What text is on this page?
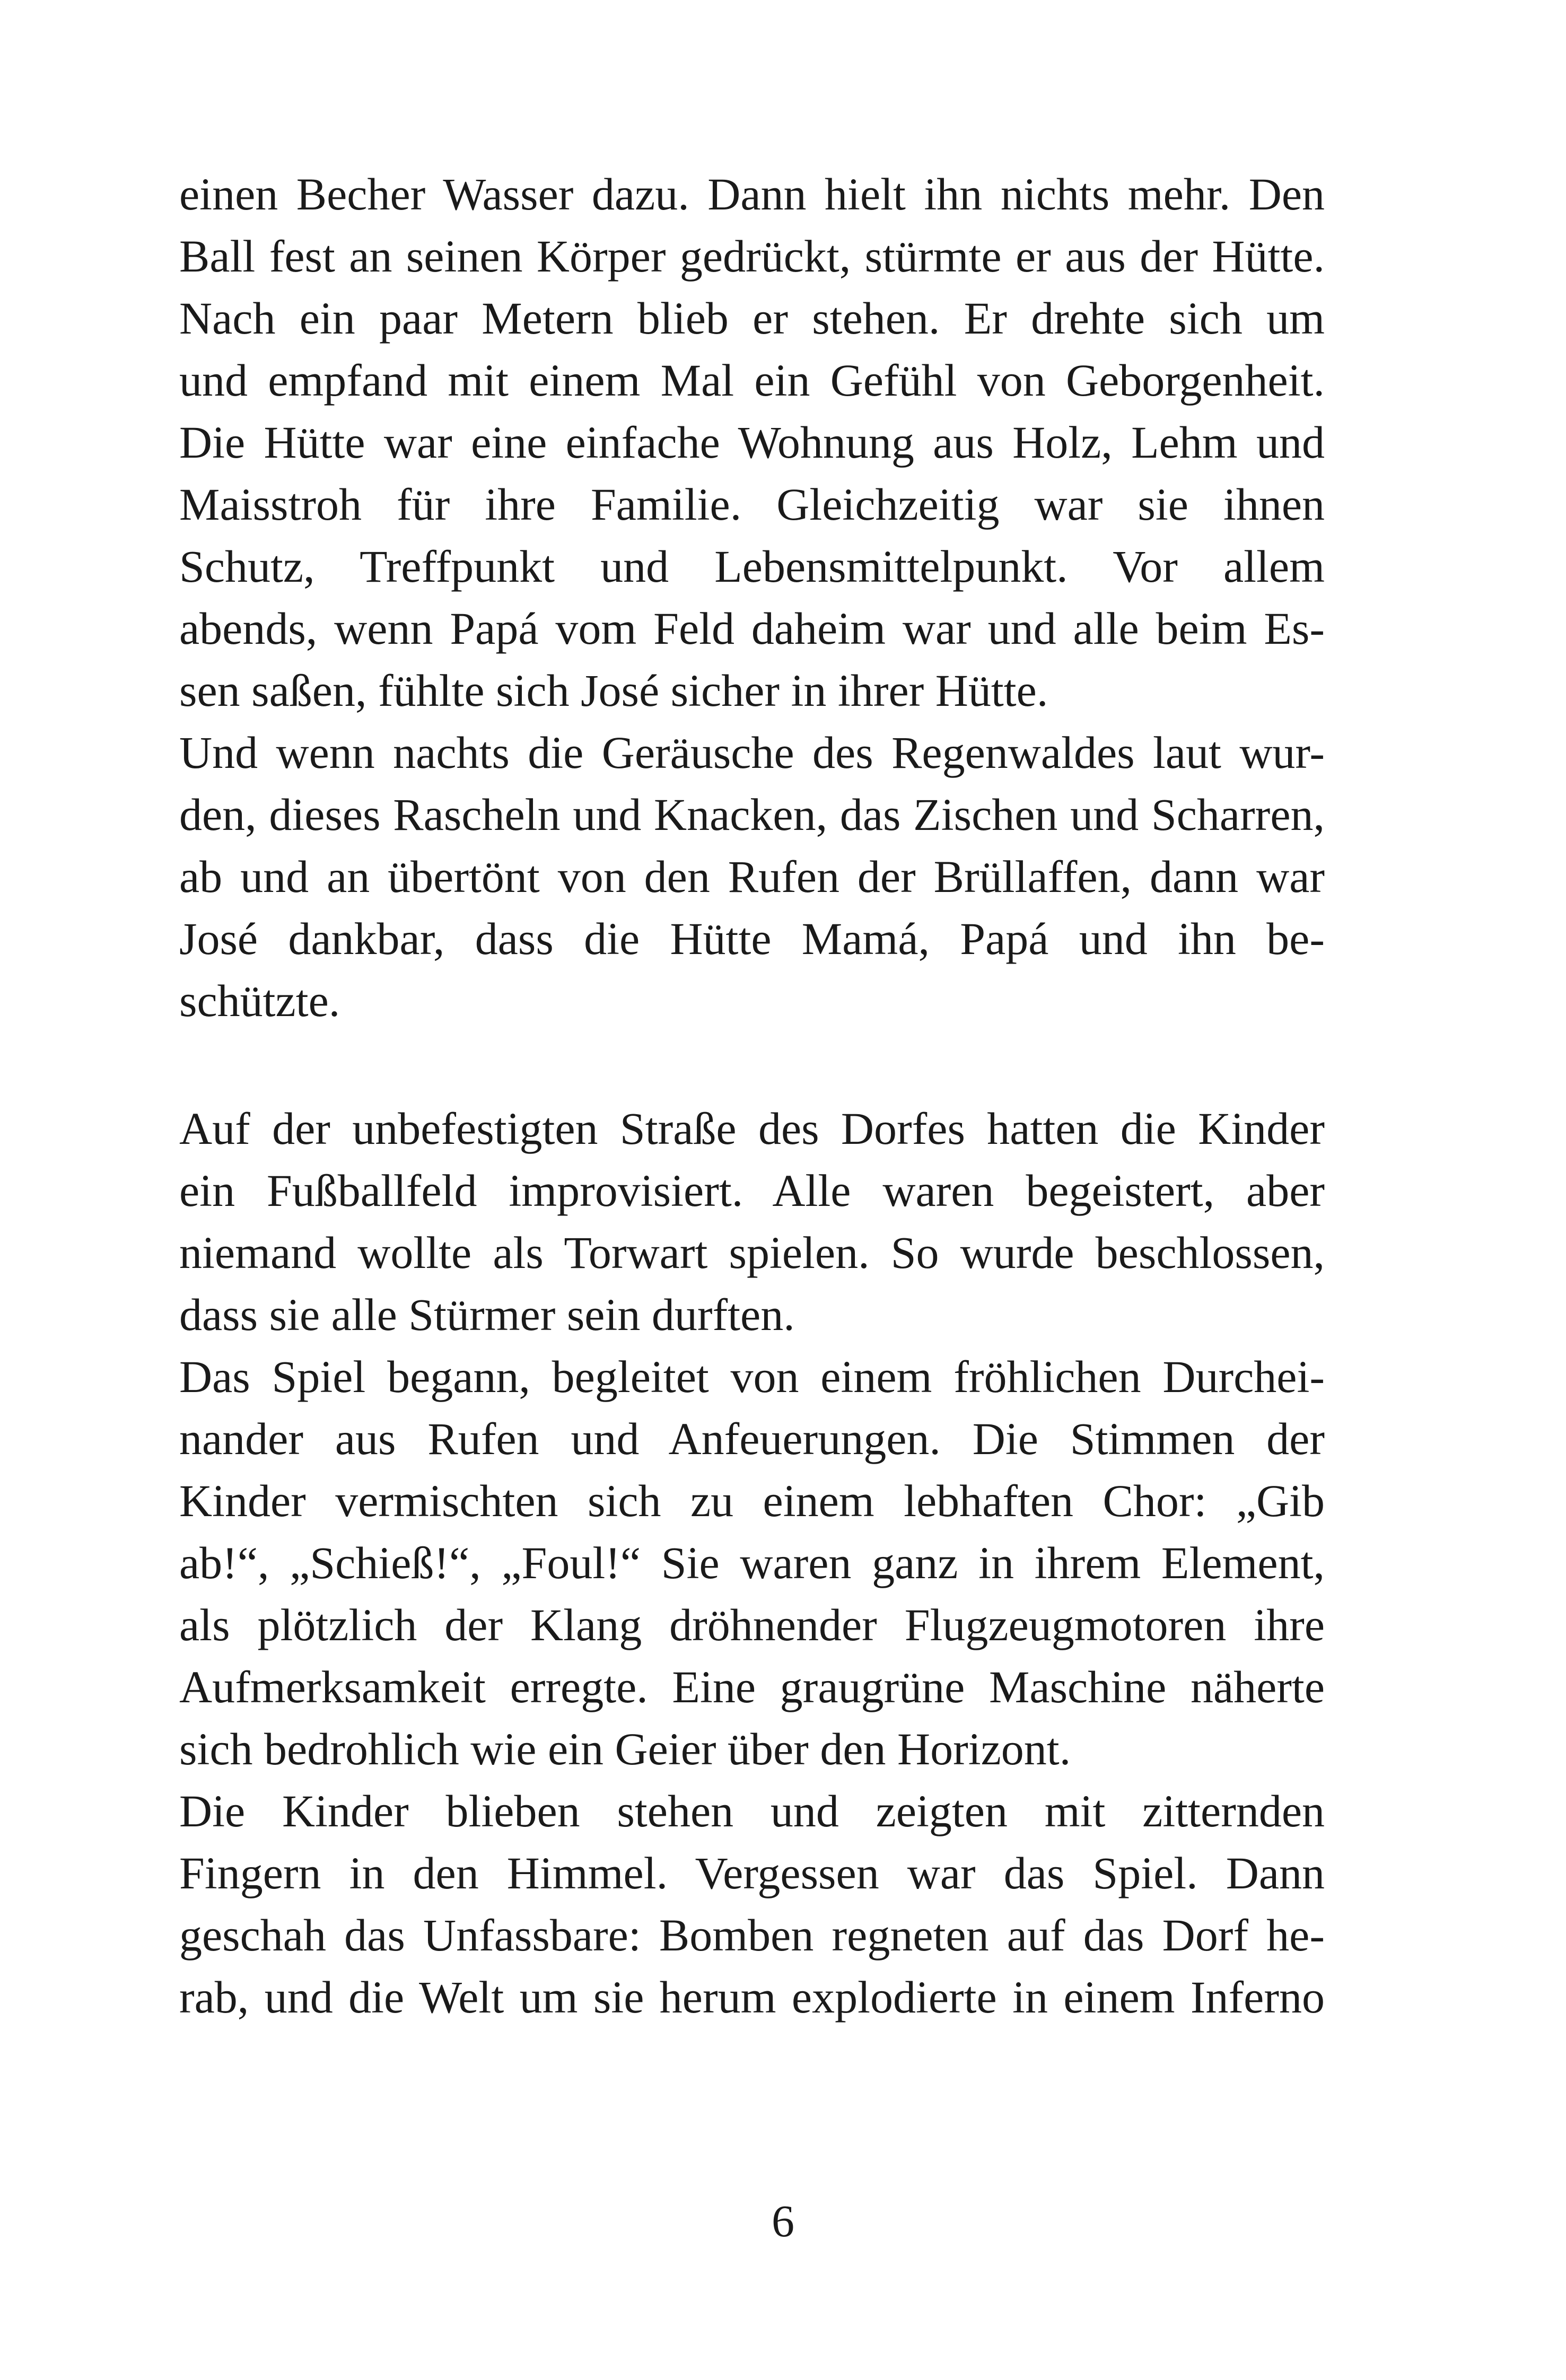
einen Becher Wasser dazu. Dann hielt ihn nichts mehr. Den
Ball fest an seinen Körper gedrückt, stürmte er aus der Hütte.
Nach ein paar Metern blieb er stehen. Er drehte sich um
und empfand mit einem Mal ein Gefühl von Geborgenheit.
Die Hütte war eine einfache Wohnung aus Holz, Lehm und
Maisstroh für ihre Familie. Gleichzeitig war sie ihnen
Schutz, Treffpunkt und Lebensmittelpunkt. Vor allem
abends, wenn Papá vom Feld daheim war und alle beim Es-
sen saßen, fühlte sich José sicher in ihrer Hütte.
Und wenn nachts die Geräusche des Regenwaldes laut wur-
den, dieses Rascheln und Knacken, das Zischen und Scharren,
ab und an übertönt von den Rufen der Brüllaffen, dann war
José dankbar, dass die Hütte Mamá, Papá und ihn be-
schützte.
Auf der unbefestigten Straße des Dorfes hatten die Kinder
ein Fußballfeld improvisiert. Alle waren begeistert, aber
niemand wollte als Torwart spielen. So wurde beschlossen,
dass sie alle Stürmer sein durften.
Das Spiel begann, begleitet von einem fröhlichen Durchei-
nander aus Rufen und Anfeuerungen. Die Stimmen der
Kinder vermischten sich zu einem lebhaften Chor: „Gib
ab!“, „Schieß!“, „Foul!“ Sie waren ganz in ihrem Element,
als plötzlich der Klang dröhnender Flugzeugmotoren ihre
Aufmerksamkeit erregte. Eine graugrüne Maschine näherte
sich bedrohlich wie ein Geier über den Horizont.
Die Kinder blieben stehen und zeigten mit zitternden
Fingern in den Himmel. Vergessen war das Spiel. Dann
geschah das Unfassbare: Bomben regneten auf das Dorf he-
rab, und die Welt um sie herum explodierte in einem Inferno
6
